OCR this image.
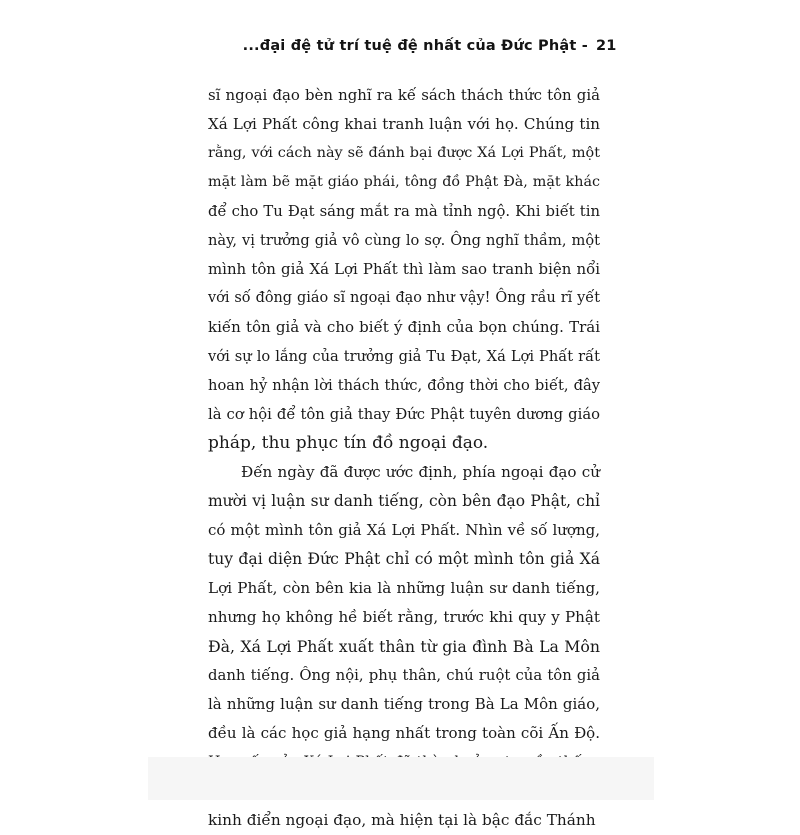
...đại đệ tử trí tuệ đệ nhất của Đức Phật - 21
sĩ ngoại đạo bèn nghĩ ra kế sách thách thức tôn giả
Xá Lợi Phất công khai tranh luận với họ. Chúng tin
rằng, với cách này sẽ đánh bại được Xá Lợi Phất, một
mặt làm bẽ mặt giáo phái, tông đồ Phật Đà, mặt khác
để cho Tu Đạt sáng mắt ra mà tỉnh ngộ. Khi biết tin
này, vị trưởng giả vô cùng lo sợ. Ông nghĩ thầm, một
mình tôn giả Xá Lợi Phất thì làm sao tranh biện nổi
với số đông giáo sĩ ngoại đạo như vậy! Ông rầu rĩ yết
kiến tôn giả và cho biết ý định của bọn chúng. Trái
với sự lo lắng của trưởng giả Tu Đạt, Xá Lợi Phất rất
hoan hỷ nhận lời thách thức, đồng thời cho biết, đây
là cơ hội để tôn giả thay Đức Phật tuyên dương giáo
pháp, thu phục tín đồ ngoại đạo.
Đến ngày đã được ước định, phía ngoại đạo cử
mười vị luận sư danh tiếng, còn bên đạo Phật, chỉ
có một mình tôn giả Xá Lợi Phất. Nhìn về số lượng,
tuy đại diện Đức Phật chỉ có một mình tôn giả Xá
Lợi Phất, còn bên kia là những luận sư danh tiếng,
nhưng họ không hề biết rằng, trước khi quy y Phật
Đà, Xá Lợi Phất xuất thân từ gia đình Bà La Môn
danh tiếng. Ông nội, phụ thân, chú ruột của tôn giả
là những luận sư danh tiếng trong Bà La Môn giáo,
đều là các học giả hạng nhất trong toàn cõi Ấn Độ.
kinh điển ngoại đạo, mà hiện tại là bậc đắc Thánh
